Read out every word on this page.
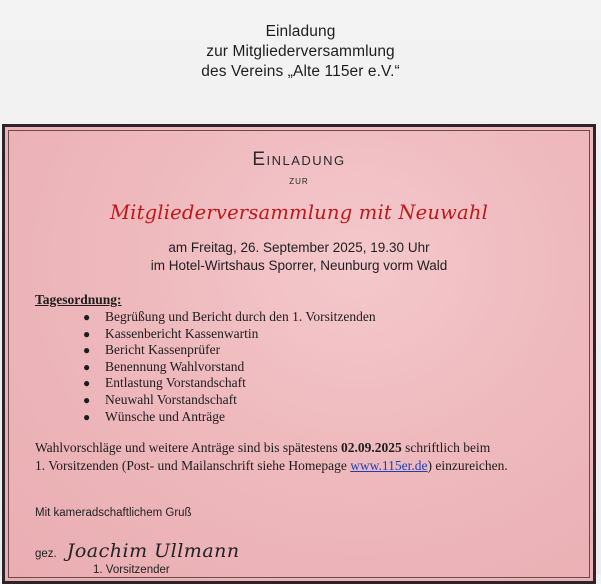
Einladung
zur Mitgliederversammlung
des Vereins „Alte 115er e.V.“
Einladung
zur
Mitgliederversammlung mit Neuwahl
am Freitag, 26. September 2025, 19.30 Uhr
im Hotel-Wirtshaus Sporrer, Neunburg vorm Wald
Tagesordnung:
●	Begrüßung und Bericht durch den 1. Vorsitzenden
●	Kassenbericht Kassenwartin
●	Bericht Kassenprüfer
●	Benennung Wahlvorstand
●	Entlastung Vorstandschaft
●	Neuwahl Vorstandschaft
●	Wünsche und Anträge
Wahlvorschläge und weitere Anträge sind bis spätestens 02.09.2025 schriftlich beim
1. Vorsitzenden (Post- und Mailanschrift siehe Homepage www.115er.de) einzureichen.
Mit kameradschaftlichem Gruß
gez. Joachim Ullmann
1. Vorsitzender
